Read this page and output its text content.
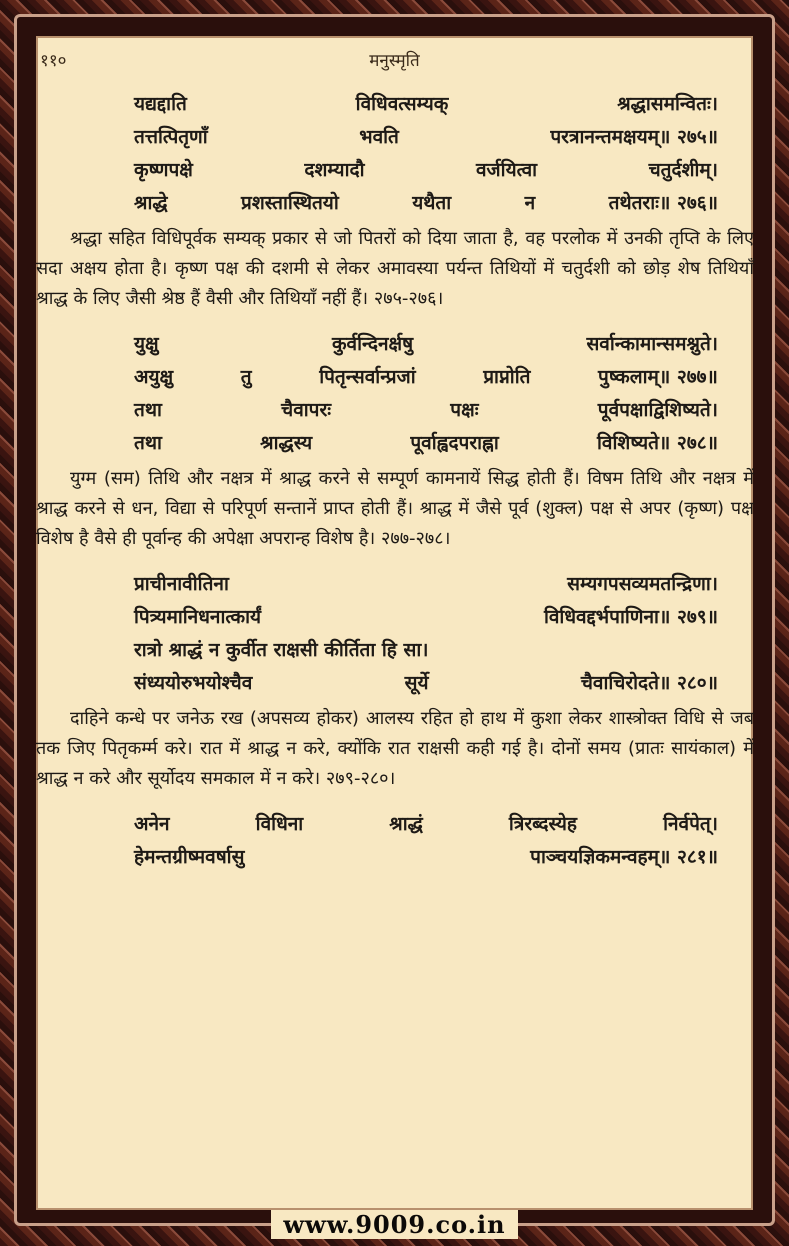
११०	मनुस्मृति
यद्यद्दाति	विधिवत्सम्यक्	श्रद्धासमन्वितः।
तत्तत्पितृणाँ	भवति	परत्रानन्तमक्षयम्॥ २७५॥
कृष्णपक्षे	दशम्यादौ	वर्जयित्वा	चतुर्दशीम्।
श्राद्धे	प्रशस्तास्थितयो	यथैता	न	तथेतराः॥ २७६॥
श्रद्धा सहित विधिपूर्वक सम्यक् प्रकार से जो पितरों को दिया जाता है, वह परलोक में उनकी तृप्ति के लिए सदा अक्षय होता है। कृष्ण पक्ष की दशमी से लेकर अमावस्या पर्यन्त तिथियों में चतुर्दशी को छोड़ शेष तिथियाँ श्राद्ध के लिए जैसी श्रेष्ठ हैं वैसी और तिथियाँ नहीं हैं। २७५-२७६।
युक्षु	कुर्वन्दिनर्क्षषु	सर्वान्कामान्समश्नुते।
अयुक्षु	तु	पितृन्सर्वान्प्रजां	प्राप्नोति	पुष्कलाम्॥ २७७॥
तथा	चैवापरः	पक्षः	पूर्वपक्षाद्विशिष्यते।
तथा	श्राद्धस्य	पूर्वाह्वदपराह्ना	विशिष्यते॥ २७८॥
युग्म (सम) तिथि और नक्षत्र में श्राद्ध करने से सम्पूर्ण कामनायें सिद्ध होती हैं। विषम तिथि और नक्षत्र में श्राद्ध करने से धन, विद्या से परिपूर्ण सन्तानें प्राप्त होती हैं। श्राद्ध में जैसे पूर्व (शुक्ल) पक्ष से अपर (कृष्ण) पक्ष विशेष है वैसे ही पूर्वान्ह की अपेक्षा अपरान्ह विशेष है। २७७-२७८।
प्राचीनावीतिना	सम्यगपसव्यमतन्द्रिणा।
पित्र्यमानिधनात्कार्यं	विधिवद्दर्भपाणिना॥ २७९॥
रात्रो श्राद्धं न कुर्वीत राक्षसी कीर्तिता हि सा।
संध्ययोरुभयोश्चैव	सूर्ये	चैवाचिरोदते॥ २८०॥
दाहिने कन्धे पर जनेऊ रख (अपसव्य होकर) आलस्य रहित हो हाथ में कुशा लेकर शास्त्रोक्त विधि से जब तक जिए पितृकर्म्म करे। रात में श्राद्ध न करे, क्योंकि रात राक्षसी कही गई है। दोनों समय (प्रातः सायंकाल) में श्राद्ध न करे और सूर्योदय समकाल में न करे। २७९-२८०।
अनेन	विधिना	श्राद्धं	त्रिरब्दस्येह	निर्वपेत्।
हेमन्तग्रीष्मवर्षासु	पाञ्चयज्ञिकमन्वहम्॥ २८१॥
www.9009.co.in
